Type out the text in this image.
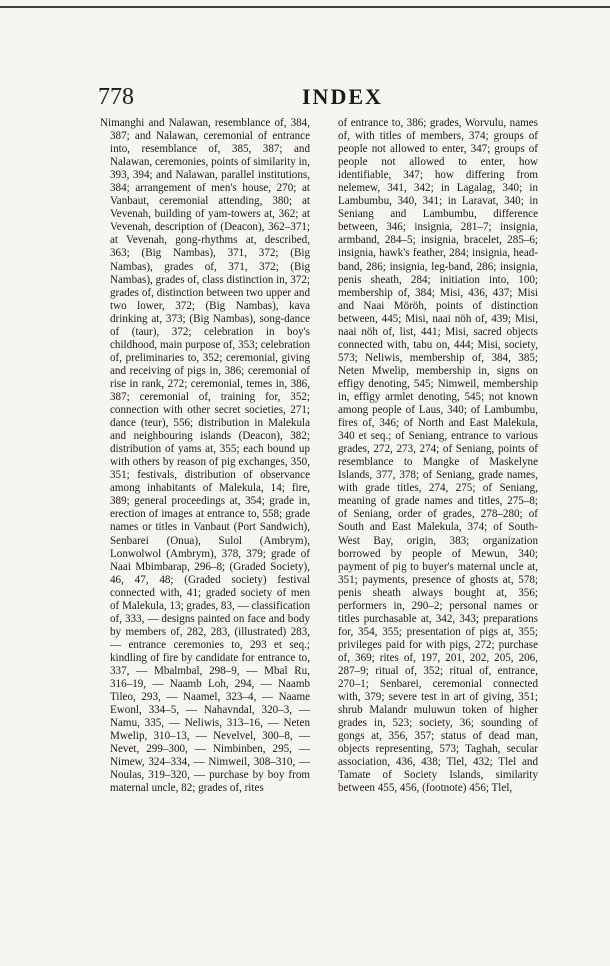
778	INDEX

Nimanghi and Nalawan, resemblance of, 384, 387; and Nalawan, ceremonial of entrance into, resemblance of, 385, 387; and Nalawan, ceremonies, points of similarity in, 393, 394; and Nalawan, parallel institutions, 384; arrangement of men's house, 270; at Vanbaut, ceremonial attending, 380; at Vevenah, building of yam-towers at, 362; at Vevenah, description of (Deacon), 362–371; at Vevenah, gong-rhythms at, described, 363; (Big Nambas), 371, 372; (Big Nambas), grades of, 371, 372; (Big Nambas), grades of, class distinction in, 372; grades of, distinction between two upper and two lower, 372; (Big Nambas), kava drinking at, 373; (Big Nambas), song-dance of (taur), 372; celebration in boy's childhood, main purpose of, 353; celebration of, preliminaries to, 352; ceremonial, giving and receiving of pigs in, 386; ceremonial of rise in rank, 272; ceremonial, temes in, 386, 387; ceremonial of, training for, 352; connection with other secret societies, 271; dance (teur), 556; distribution in Malekula and neighbouring islands (Deacon), 382; distribution of yams at, 355; each bound up with others by reason of pig exchanges, 350, 351; festivals, distribution of observance among inhabitants of Malekula, 14; fire, 389; general proceedings at, 354; grade in, erection of images at entrance to, 558; grade names or titles in Vanbaut (Port Sandwich), Senbarei (Onua), Sulol (Ambrym), Lonwolwol (Ambrym), 378, 379; grade of Naai Mbimbarap, 296–8; (Graded Society), 46, 47, 48; (Graded society) festival connected with, 41; graded society of men of Malekula, 13; grades, 83, — classification of, 333, — designs painted on face and body by members of, 282, 283, (illustrated) 283, — entrance ceremonies to, 293 et seq.; kindling of fire by candidate for entrance to, 337, — Mbalmbal, 298–9, — Mbal Ru, 316–19, — Naamb Loh, 294, — Naamb Tileo, 293, — Naamel, 323–4, — Naame Ewonl, 334–5, — Nahavndal, 320–3, — Namu, 335, — Neliwis, 313–16, — Neten Mwelip, 310–13, — Nevelvel, 300–8, — Nevet, 299–300, — Nimbinben, 295, — Nimew, 324–334, — Nimweil, 308–310, — Noulas, 319–320, — purchase by boy from maternal uncle, 82; grades of, rites

of entrance to, 386; grades, Worvulu, names of, with titles of members, 374; groups of people not allowed to enter, 347; groups of people not allowed to enter, how identifiable, 347; how differing from nelemew, 341, 342; in Lagalag, 340; in Lambumbu, 340, 341; in Laravat, 340; in Seniang and Lambumbu, difference between, 346; insignia, 281–7; insignia, armband, 284–5; insignia, bracelet, 285–6; insignia, hawk's feather, 284; insignia, head-band, 286; insignia, leg-band, 286; insignia, penis sheath, 284; initiation into, 100; membership of, 384; Misi, 436, 437; Misi and Naai Möröh, points of distinction between, 445; Misi, naai nöh of, 439; Misi, naai nöh of, list, 441; Misi, sacred objects connected with, tabu on, 444; Misi, society, 573; Neliwis, membership of, 384, 385; Neten Mwelip, membership in, signs on effigy denoting, 545; Nimweil, membership in, effigy armlet denoting, 545; not known among people of Laus, 340; of Lambumbu, fires of, 346; of North and East Malekula, 340 et seq.; of Seniang, entrance to various grades, 272, 273, 274; of Seniang, points of resemblance to Mangke of Maskelyne Islands, 377, 378; of Seniang, grade names, with grade titles, 274, 275; of Seniang, meaning of grade names and titles, 275–8; of Seniang, order of grades, 278–280; of South and East Malekula, 374; of South-West Bay, origin, 383; organization borrowed by people of Mewun, 340; payment of pig to buyer's maternal uncle at, 351; payments, presence of ghosts at, 578; penis sheath always bought at, 356; performers in, 290–2; personal names or titles purchasable at, 342, 343; preparations for, 354, 355; presentation of pigs at, 355; privileges paid for with pigs, 272; purchase of, 369; rites of, 197, 201, 202, 205, 206, 287–9; ritual of, 352; ritual of, entrance, 270–1; Senbarei, ceremonial connected with, 379; severe test in art of giving, 351; shrub Malandr muluwun token of higher grades in, 523; society, 36; sounding of gongs at, 356, 357; status of dead man, objects representing, 573; Taghah, secular association, 436, 438; Tlel, 432; Tlel and Tamate of Society Islands, similarity between 455, 456, (footnote) 456; Tlel,
